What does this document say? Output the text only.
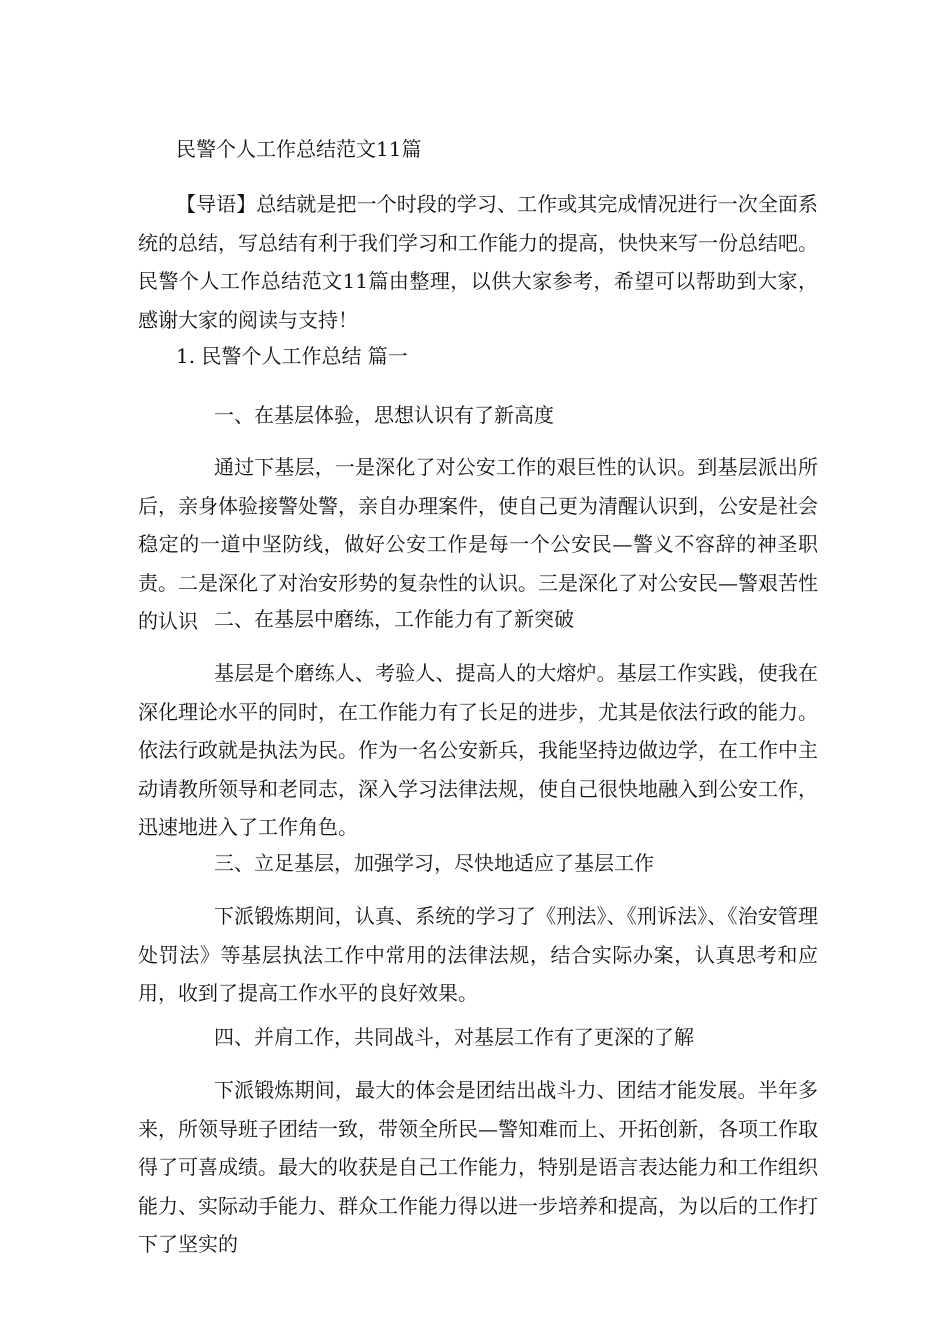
民警个人工作总结范文11篇

【导语】总结就是把一个时段的学习、工作或其完成情况进行一次全面系统的总结，写总结有利于我们学习和工作能力的提高，快快来写一份总结吧。民警个人工作总结范文11篇由整理，以供大家参考，希望可以帮助到大家，感谢大家的阅读与支持！

1. 民警个人工作总结 篇一
一、在基层体验，思想认识有了新高度

通过下基层，一是深化了对公安工作的艰巨性的认识。到基层派出所后，亲身体验接警处警，亲自办理案件，使自己更为清醒认识到，公安是社会稳定的一道中坚防线，做好公安工作是每一个公安民—警义不容辞的神圣职责。二是深化了对治安形势的复杂性的认识。三是深化了对公安民—警艰苦性的认识 二、在基层中磨练，工作能力有了新突破

基层是个磨练人、考验人、提高人的大熔炉。基层工作实践，使我在深化理论水平的同时，在工作能力有了长足的进步，尤其是依法行政的能力。依法行政就是执法为民。作为一名公安新兵，我能坚持边做边学，在工作中主动请教所领导和老同志，深入学习法律法规，使自己很快地融入到公安工作，迅速地进入了工作角色。

三、立足基层，加强学习，尽快地适应了基层工作

下派锻炼期间，认真、系统的学习了《刑法》、《刑诉法》、《治安管理 处罚法》等基层执法工作中常用的法律法规，结合实际办案，认真思考和应用，收到了提高工作水平的良好效果。

四、并肩工作，共同战斗，对基层工作有了更深的了解

下派锻炼期间，最大的体会是团结出战斗力、团结才能发展。半年多来，所领导班子团结一致，带领全所民—警知难而上、开拓创新，各项工作取得了可喜成绩。最大的收获是自己工作能力，特别是语言表达能力和工作组织能力、实际动手能力、群众工作能力得以进一步培养和提高，为以后的工作打下了坚实的
